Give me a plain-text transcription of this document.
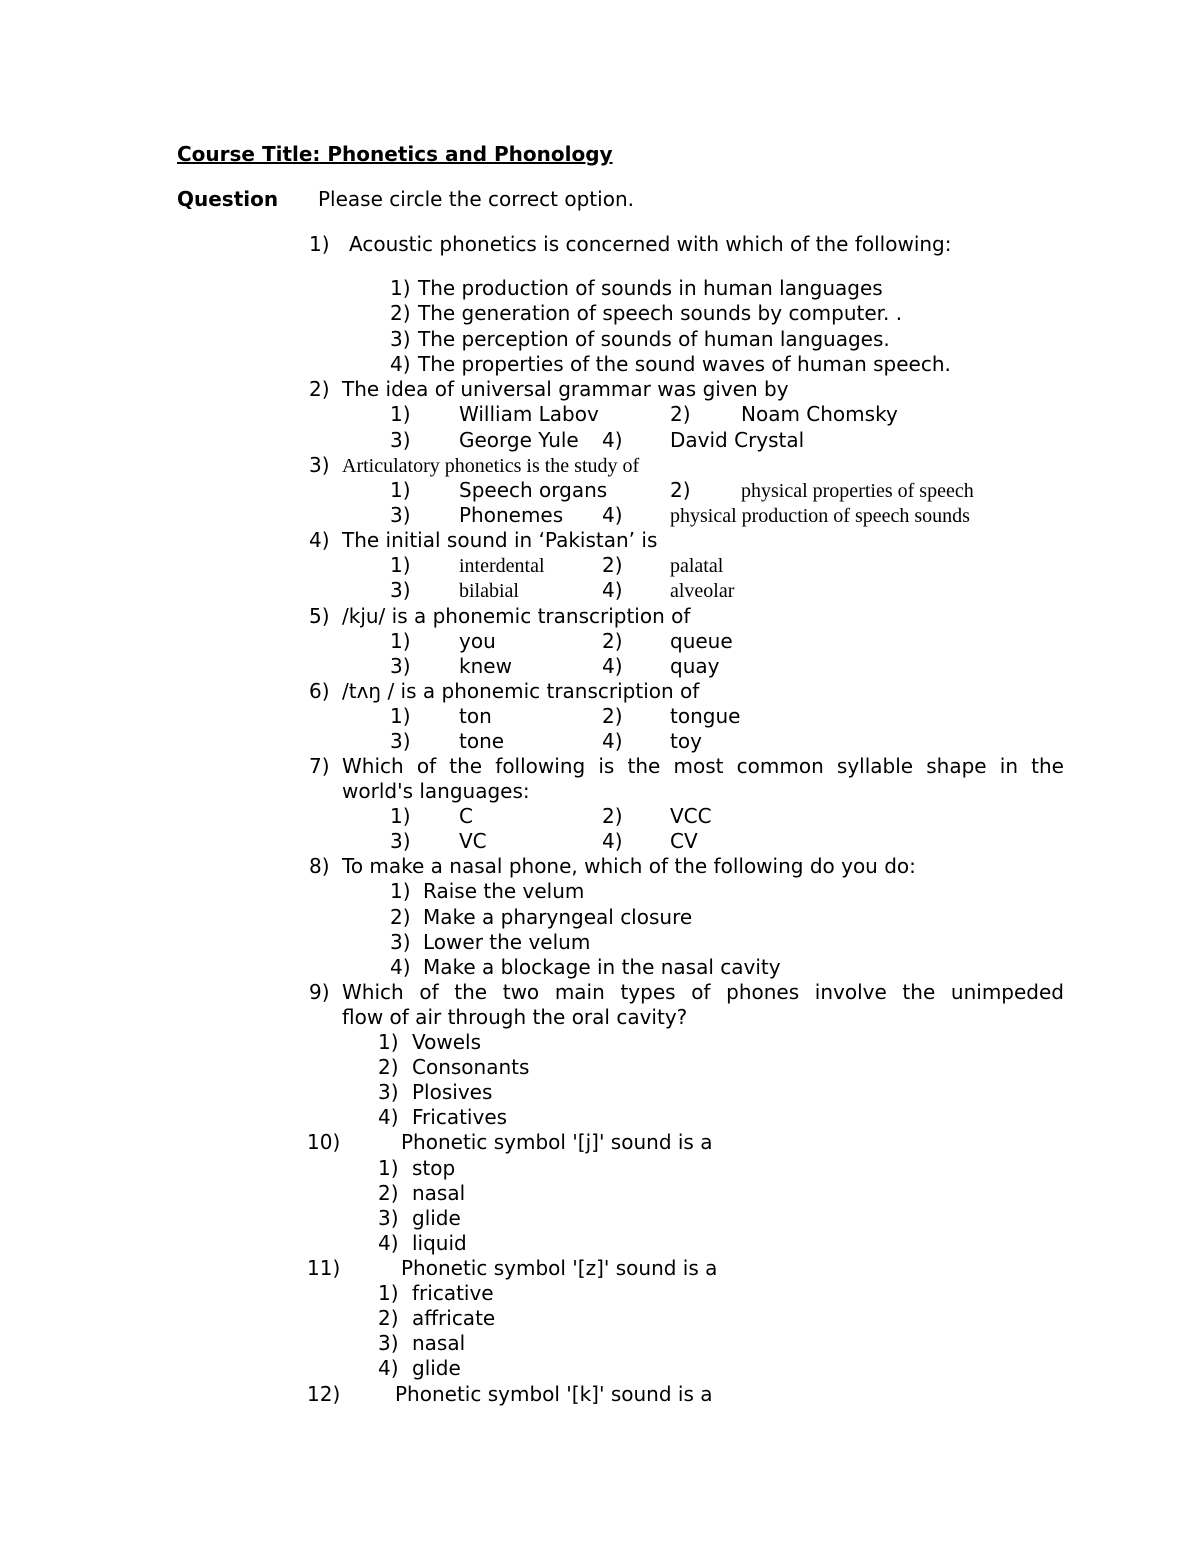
Course Title: Phonetics and Phonology
Question Please circle the correct option.
1) Acoustic phonetics is concerned with which of the following:
1) The production of sounds in human languages
2) The generation of speech sounds by computer. .
3) The perception of sounds of human languages.
4) The properties of the sound waves of human speech.
2) The idea of universal grammar was given by
1) William Labov	2)	Noam Chomsky
3) George Yule 4) David Crystal
3) Articulatory phonetics is the study of
1) Speech organs	2)	physical properties of speech
3) Phonemes 4) physical production of speech sounds
4) The initial sound in ‘Pakistan’ is
1) interdental	2) palatal
3) bilabial	4) alveolar
5) /kju/ is a phonemic transcription of
1) you	2) queue
3) knew	4) quay
6) /tʌŋ / is a phonemic transcription of
1) ton	2) tongue
3) tone	4) toy
7) Which of the following is the most common syllable shape in the
world's languages:
1) C	2) VCC
3) VC	4) CV
8) To make a nasal phone, which of the following do you do:
1) Raise the velum
2) Make a pharyngeal closure
3) Lower the velum
4) Make a blockage in the nasal cavity
9) Which of the two main types of phones involve the unimpeded
flow of air through the oral cavity?
1) Vowels
2) Consonants
3) Plosives
4) Fricatives
10)	Phonetic symbol '[j]' sound is a
1) stop
2) nasal
3) glide
4) liquid
11)	Phonetic symbol '[z]' sound is a
1) fricative
2) affricate
3) nasal
4) glide
12)	Phonetic symbol '[k]' sound is a
